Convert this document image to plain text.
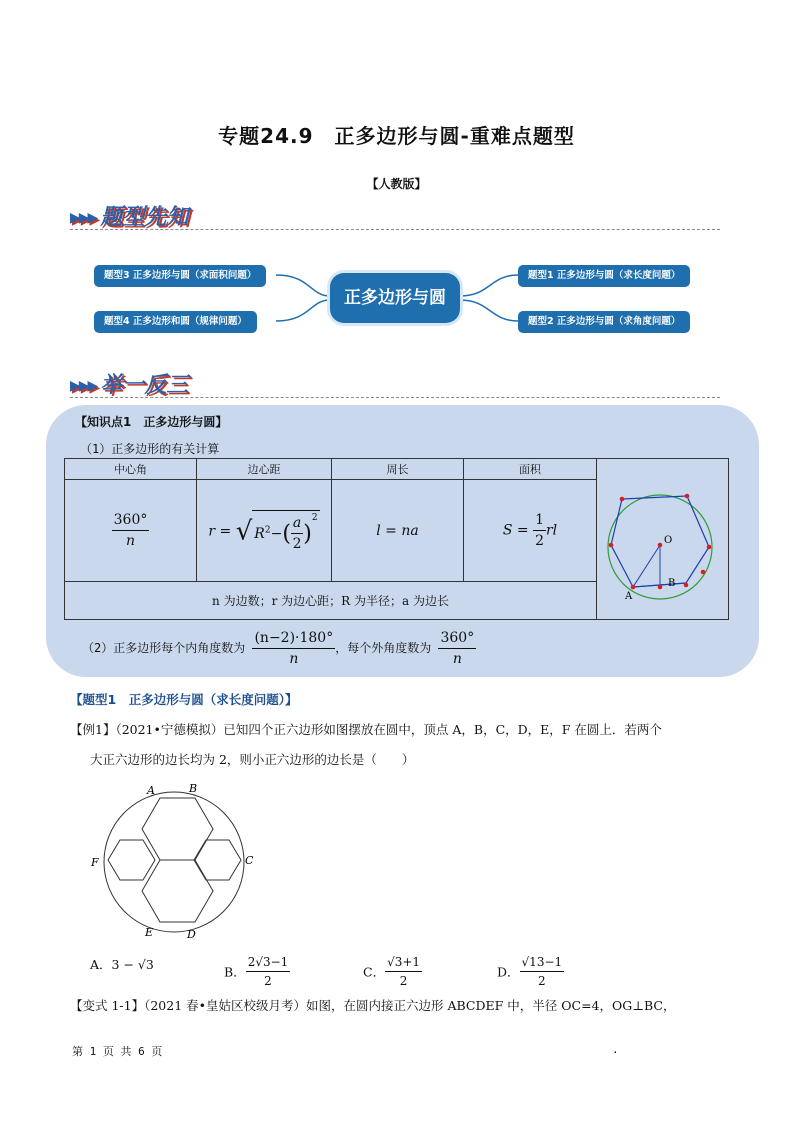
专题24.9　正多边形与圆-重难点题型
【人教版】
▶▶▶ 题型先知
题型3 正多边形与圆（求面积问题）
题型4 正多边形和圆（规律问题）
题型1 正多边形与圆（求长度问题）
题型2 正多边形与圆（求角度问题）
正多边形与圆
▶▶▶ 举一反三
【知识点1　正多边形与圆】
（1）正多边形的有关计算
中心角	边心距	周长	面积	O
A
B

$\frac{360^\circ}{n}$	r = √ $R^2-( \frac{a}{2} )^2$	l = na	$S = \frac{1}{2}$ rl	
n 为边数；r 为边心距；R 为半径；a 为边长				
（2）正多边形每个内角度数为 $\frac{(n-2)\cdot 180^\circ}{n}$ ，每个外角度数为 $\frac{360^\circ}{n}$
【题型1　正多边形与圆（求长度问题）】
【例1】（2021•宁德模拟）已知四个正六边形如图摆放在圆中，顶点 A，B，C，D，E，F 在圆上．若两个
大正六边形的边长均为 2，则小正六边形的边长是（　　）
A	B
C
D
E
F
A．3 − √3	B． $\frac{2√3-1}{2}$	C． $\frac{√3+1}{2}$	D． $\frac{√13-1}{2}$
【变式 1-1】（2021 春•皇姑区校级月考）如图，在圆内接正六边形 ABCDEF 中，半径 OC=4，OG⊥BC，
第 1 页 共 6 页	.
